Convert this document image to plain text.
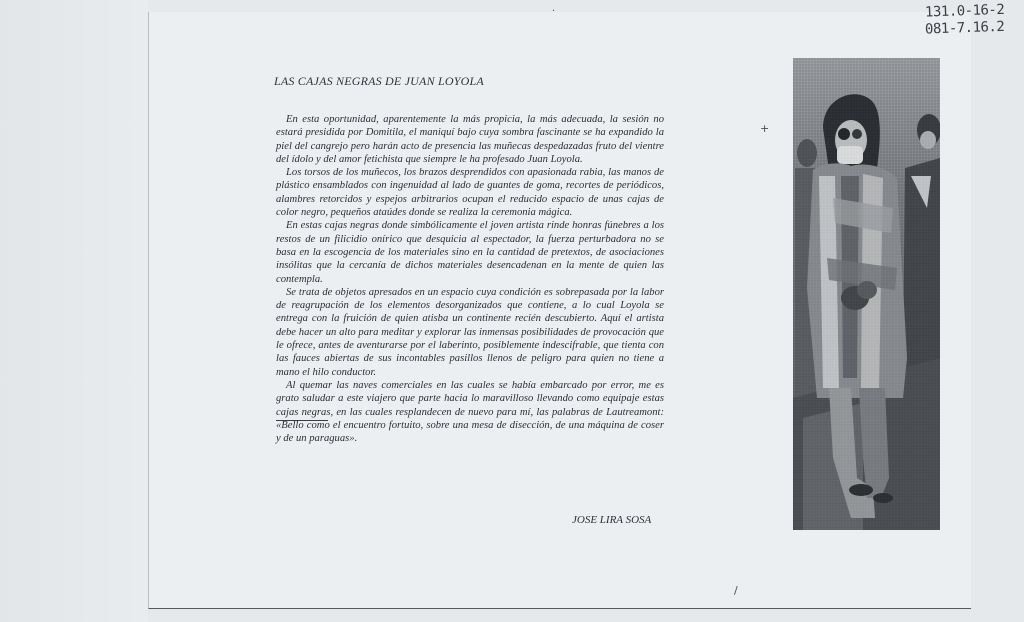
131.0-16-2
081-7.16.2
·
+
/
LAS CAJAS NEGRAS DE JUAN LOYOLA

En esta oportunidad, aparentemente la más propicia, la más adecuada, la sesión no estará presidida por Domitila, el maniquí bajo cuya sombra fascinante se ha expandido la piel del cangrejo pero harán acto de presencia las muñecas despedazadas fruto del vientre del ídolo y del amor fetichista que siempre le ha profesado Juan Loyola.

Los torsos de los muñecos, los brazos desprendidos con apasionada rabia, las manos de plástico ensamblados con ingenuidad al lado de guantes de goma, recortes de periódicos, alambres retorcidos y espejos arbitrarios ocupan el reducido espacio de unas cajas de color negro, pequeños ataúdes donde se realiza la ceremonia mágica.

En estas cajas negras donde simbólicamente el joven artista rinde honras fúnebres a los restos de un filicidio onírico que desquicia al espectador, la fuerza perturbadora no se basa en la escogencia de los materiales sino en la cantidad de pretextos, de asociaciones insólitas que la cercanía de dichos materiales desencadenan en la mente de quien las contempla.

Se trata de objetos apresados en un espacio cuya condición es sobrepasada por la labor de reagrupación de los elementos desorganizados que contiene, a lo cual Loyola se entrega con la fruición de quien atisba un continente recién descubierto. Aquí el artista debe hacer un alto para meditar y explorar las inmensas posibilidades de provocación que le ofrece, antes de aventurarse por el laberinto, posiblemente indescifrable, que tienta con las fauces abiertas de sus incontables pasillos llenos de peligro para quien no tiene a mano el hilo conductor.

Al quemar las naves comerciales en las cuales se había embarcado por error, me es grato saludar a este viajero que parte hacia lo maravilloso llevando como equipaje estas cajas negras, en las cuales resplandecen de nuevo para mí, las palabras de Lautreamont: «Bello como el encuentro fortuito, sobre una mesa de disección, de una máquina de coser y de un paraguas».

JOSE LIRA SOSA
